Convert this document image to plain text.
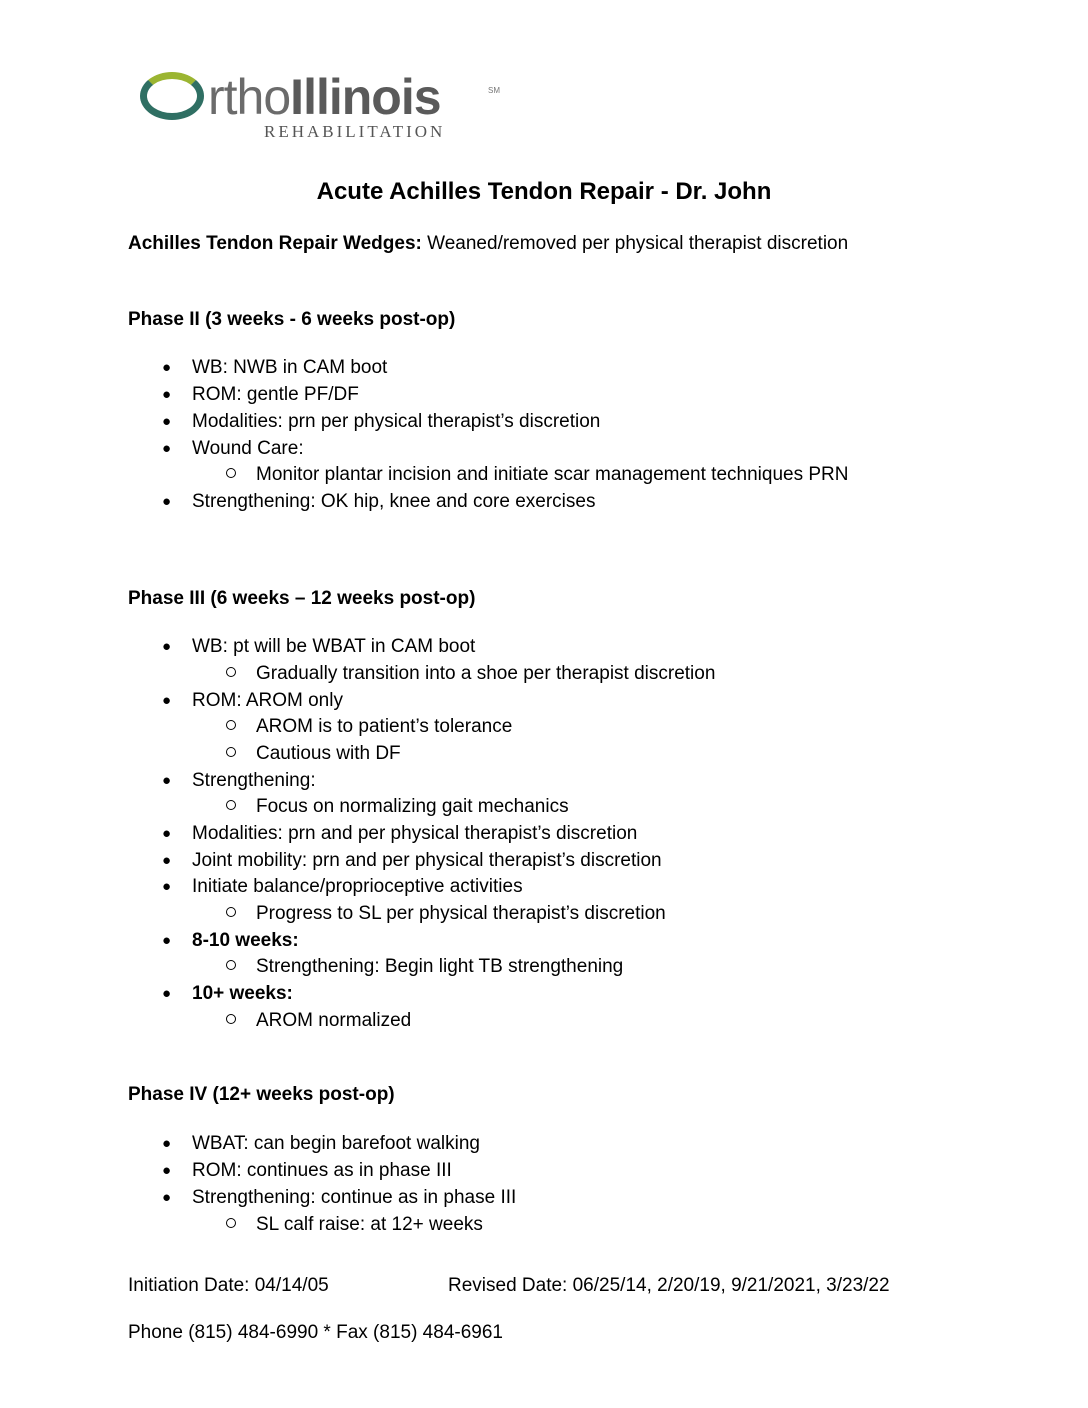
rthoIllinois	SM
REHABILITATION
Acute Achilles Tendon Repair - Dr. John
Achilles Tendon Repair Wedges: Weaned/removed per physical therapist discretion
Phase II (3 weeks - 6 weeks post-op)
● WB: NWB in CAM boot
● ROM: gentle PF/DF
● Modalities: prn per physical therapist’s discretion
● Wound Care:
Monitor plantar incision and initiate scar management techniques PRN
● Strengthening: OK hip, knee and core exercises
Phase III (6 weeks – 12 weeks post-op)
● WB: pt will be WBAT in CAM boot
Gradually transition into a shoe per therapist discretion
● ROM: AROM only
AROM is to patient’s tolerance
Cautious with DF
● Strengthening:
Focus on normalizing gait mechanics
● Modalities: prn and per physical therapist’s discretion
● Joint mobility: prn and per physical therapist’s discretion
● Initiate balance/proprioceptive activities
Progress to SL per physical therapist’s discretion
● 8-10 weeks:
Strengthening: Begin light TB strengthening
● 10+ weeks:
AROM normalized
Phase IV (12+ weeks post-op)
● WBAT: can begin barefoot walking
● ROM: continues as in phase III
● Strengthening: continue as in phase III
SL calf raise: at 12+ weeks
Initiation Date: 04/14/05	Revised Date: 06/25/14, 2/20/19, 9/21/2021, 3/23/22
Phone (815) 484-6990 * Fax (815) 484-6961
